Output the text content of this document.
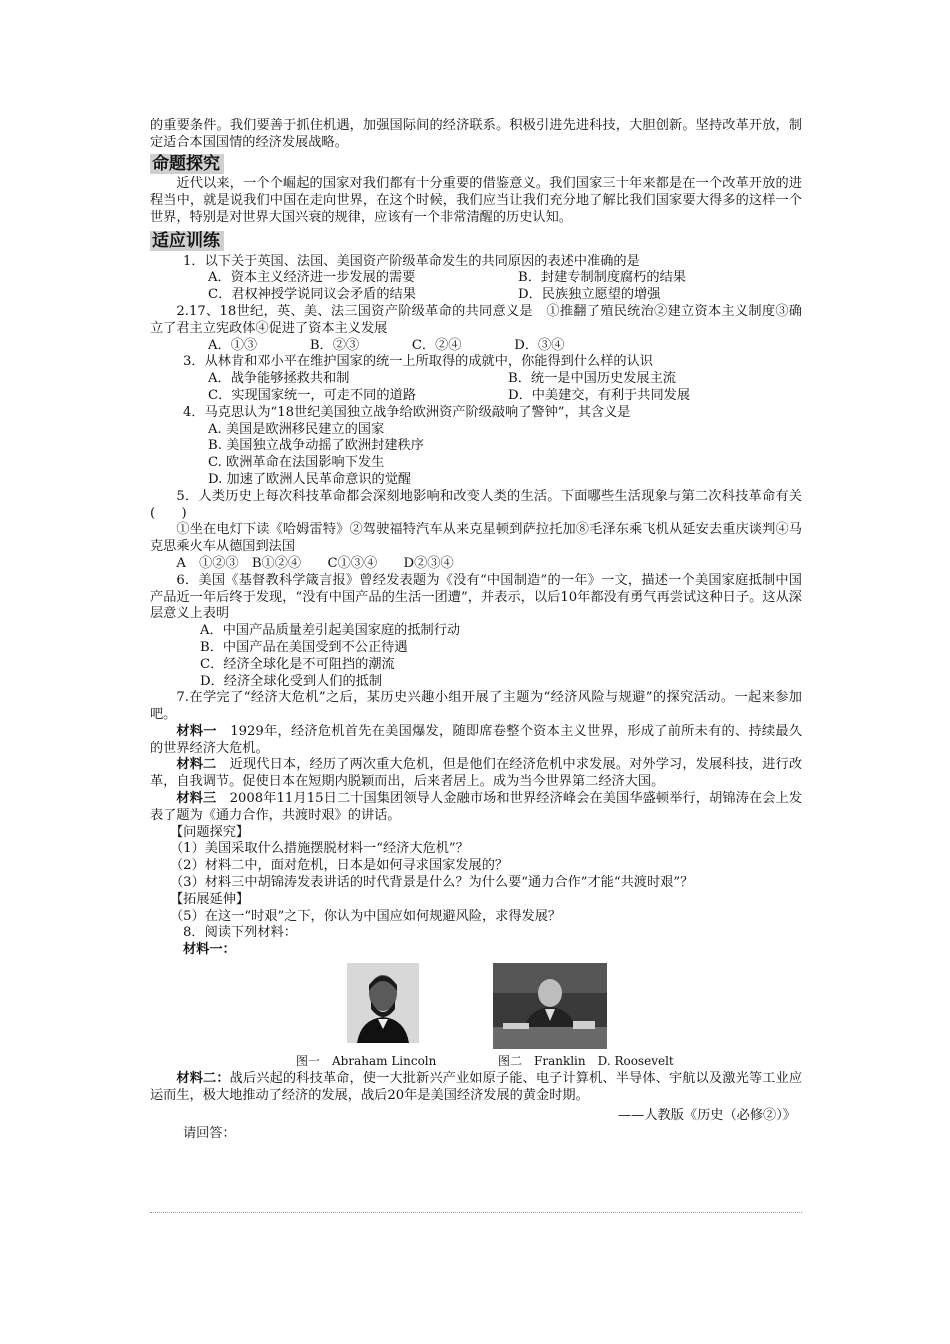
的重要条件。我们要善于抓住机遇，加强国际间的经济联系。积极引进先进科技，大胆创新。坚持改革开放，制定适合本国国情的经济发展战略。

命题探究

近代以来，一个个崛起的国家对我们都有十分重要的借鉴意义。我们国家三十年来都是在一个改革开放的进程当中，就是说我们中国在走向世界，在这个时候，我们应当让我们充分地了解比我们国家要大得多的这样一个世界，特别是对世界大国兴衰的规律，应该有一个非常清醒的历史认知。

适应训练

1．以下关于英国、法国、美国资产阶级革命发生的共同原因的表述中准确的是

A．资本主义经济进一步发展的需要	B．封建专制制度腐朽的结果
C．君权神授学说同议会矛盾的结果	D．民族独立愿望的增强

2.17、18世纪，英、美、法三国资产阶级革命的共同意义是　①推翻了殖民统治②建立资本主义制度③确立了君主立宪政体④促进了资本主义发展

A．①③　　　　B．②③　　　　C．②④　　　　D．③④

3．从林肯和邓小平在维护国家的统一上所取得的成就中，你能得到什么样的认识

A．战争能够拯救共和制	B．统一是中国历史发展主流
C．实现国家统一，可走不同的道路	D．中美建交，有利于共同发展

4．马克思认为“18世纪美国独立战争给欧洲资产阶级敲响了警钟”，其含义是

A. 美国是欧洲移民建立的国家

B. 美国独立战争动摇了欧洲封建秩序

C. 欧洲革命在法国影响下发生

D. 加速了欧洲人民革命意识的觉醒

5．人类历史上每次科技革命都会深刻地影响和改变人类的生活。下面哪些生活现象与第二次科技革命有关(　　)

①坐在电灯下读《哈姆雷特》②驾驶福特汽车从来克星顿到萨拉托加⑧毛泽东乘飞机从延安去重庆谈判④马克思乘火车从德国到法国

A　①②③　B①②④　　C①③④　　D②③④

6．美国《基督教科学箴言报》曾经发表题为《没有“中国制造”的一年》一文，描述一个美国家庭抵制中国产品近一年后终于发现，“没有中国产品的生活一团遭”，并表示，以后10年都没有勇气再尝试这种日子。这从深层意义上表明

A．中国产品质量差引起美国家庭的抵制行动

B．中国产品在美国受到不公正待遇

C．经济全球化是不可阻挡的潮流

D．经济全球化受到人们的抵制

7.在学完了“经济大危机”之后，某历史兴趣小组开展了主题为“经济风险与规避”的探究活动。一起来参加吧。

材料一　 1929年，经济危机首先在美国爆发，随即席卷整个资本主义世界，形成了前所未有的、持续最久的世界经济大危机。

材料二　 近现代日本，经历了两次重大危机，但是他们在经济危机中求发展。对外学习，发展科技，进行改革，自我调节。促使日本在短期内脱颖而出，后来者居上。成为当今世界第二经济大国。

材料三　 2008年11月15日二十国集团领导人金融市场和世界经济峰会在美国华盛顿举行，胡锦涛在会上发表了题为《通力合作，共渡时艰》的讲话。

【问题探究】

（1）美国采取什么措施摆脱材料一“经济大危机”？

（2）材料二中，面对危机，日本是如何寻求国家发展的？

（3）材料三中胡锦涛发表讲话的时代背景是什么？为什么要“通力合作”才能“共渡时艰”？

【拓展延伸】

（5）在这一“时艰”之下，你认为中国应如何规避风险，求得发展？

8．阅读下列材料：

材料一：

图一　Abraham Lincoln	图二　Franklin　D. Roosevelt

材料二：战后兴起的科技革命，使一大批新兴产业如原子能、电子计算机、半导体、宇航以及激光等工业应运而生，极大地推动了经济的发展，战后20年是美国经济发展的黄金时期。

——人教版《历史（必修②）》

请回答：
